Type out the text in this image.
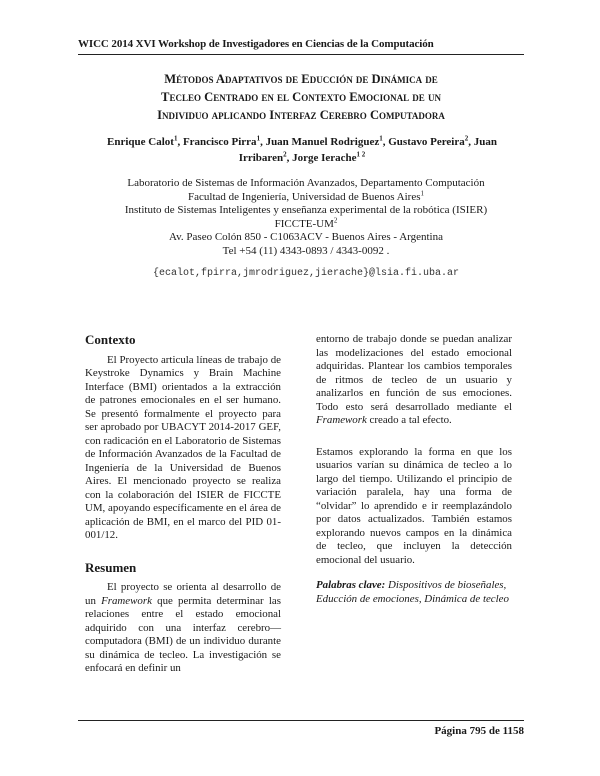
WICC 2014 XVI Workshop de Investigadores en Ciencias de la Computación
Métodos Adaptativos de Educción de Dinámica de
Tecleo Centrado en el Contexto Emocional de un
Individuo aplicando Interfaz Cerebro Computadora
Enrique Calot$^1$, Francisco Pirra$^1$, Juan Manuel Rodriguez$^1$, Gustavo Pereira$^2$, Juan
Irribaren$^2$, Jorge Ierache$^{1 2}$
Laboratorio de Sistemas de Información Avanzados, Departamento Computación
Facultad de Ingeniería, Universidad de Buenos Aires$^1$
Instituto de Sistemas Inteligentes y enseñanza experimental de la robótica (ISIER)
FICCTE-$UM^2$
Av. Paseo Colón 850 - C1063ACV - Buenos Aires - Argentina
Tel +54 (11) 4343-0893 / 4343-0092 .
{ecalot,fpirra,jmrodriguez,jierache}@lsia.fi.uba.ar
Contexto

El Proyecto articula líneas de trabajo de Keystroke Dynamics y Brain Machine Interface (BMI) orientados a la extracción de patrones emocionales en el ser humano. Se presentó formalmente el proyecto para ser aprobado por UBACYT 2014-2017 GEF, con radicación en el Laboratorio de Sistemas de Información Avanzados de la Facultad de Ingeniería de la Universidad de Buenos Aires. El mencionado proyecto se realiza con la colaboración del ISIER de FICCTE UM, apoyando específicamente en el área de aplicación de BMI, en el marco del PID 01-001/12.

Resumen

El proyecto se orienta al desarrollo de un Framework que permita determinar las relaciones entre el estado emocional adquirido con una interfaz cerebro—computadora (BMI) de un individuo durante su dinámica de tecleo. La investigación se enfocará en definir un

entorno de trabajo donde se puedan analizar las modelizaciones del estado emocional adquiridas. Plantear los cambios temporales de ritmos de tecleo de un usuario y analizarlos en función de sus emociones. Todo esto será desarrollado mediante el Framework creado a tal efecto.

Estamos explorando la forma en que los usuarios varían su dinámica de tecleo a lo largo del tiempo. Utilizando el principio de variación paralela, hay una forma de “olvidar” lo aprendido e ir reemplazándolo por datos actualizados. También estamos explorando nuevos campos en la dinámica de tecleo, que incluyen la detección emocional del usuario.

Palabras clave: Dispositivos de bioseñales, Educción de emociones, Dinámica de tecleo

Página 795 de 1158
